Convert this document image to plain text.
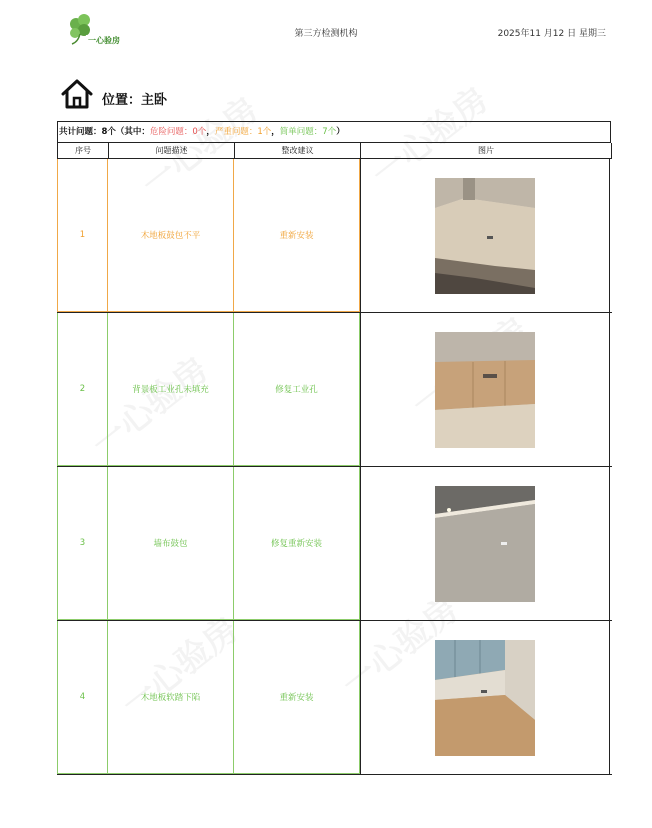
一心验房
第三方检测机构	2025年11 月12 日 星期三
位置：主卧
共计问题：8个（其中：危险问题：0个，严重问题：1个，简单问题：7个）
序号	问题描述	整改建议	图片
1	木地板鼓包不平	重新安装
2	背景板工业孔未填充	修复工业孔
3	墙布鼓包	修复重新安装
4	木地板软踏下陷	重新安装
